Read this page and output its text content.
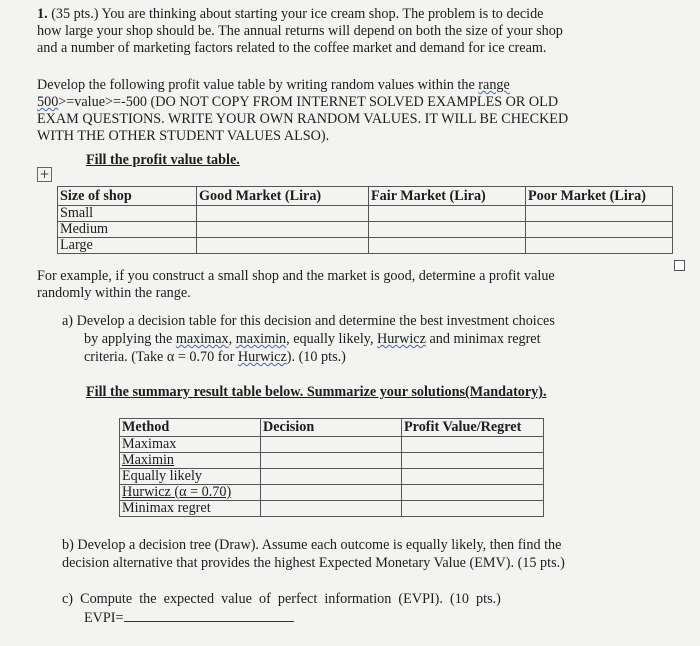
1. (35 pts.) You are thinking about starting your ice cream shop. The problem is to decide
how large your shop should be. The annual returns will depend on both the size of your shop
and a number of marketing factors related to the coffee market and demand for ice cream.
Develop the following profit value table by writing random values within the range
500>=value>=-500 (DO NOT COPY FROM INTERNET SOLVED EXAMPLES OR OLD
EXAM QUESTIONS. WRITE YOUR OWN RANDOM VALUES. IT WILL BE CHECKED
WITH THE OTHER STUDENT VALUES ALSO).
Fill the profit value table.
+
Size of shop	Good Market (Lira)	Fair Market (Lira)	Poor Market (Lira)
Small			
Medium			
Large			
For example, if you construct a small shop and the market is good, determine a profit value
randomly within the range.
a) Develop a decision table for this decision and determine the best investment choices
by applying the maximax, maximin, equally likely, Hurwicz and minimax regret
criteria. (Take α = 0.70 for Hurwicz). (10 pts.)
Fill the summary result table below. Summarize your solutions(Mandatory).
Method	Decision	Profit Value/Regret
Maximax		
Maximin		
Equally likely		
Hurwicz (α = 0.70)		
Minimax regret		
b) Develop a decision tree (Draw). Assume each outcome is equally likely, then find the
decision alternative that provides the highest Expected Monetary Value (EMV). (15 pts.)
c)  Compute  the  expected  value  of  perfect  information  (EVPI).  (10  pts.)
EVPI=
